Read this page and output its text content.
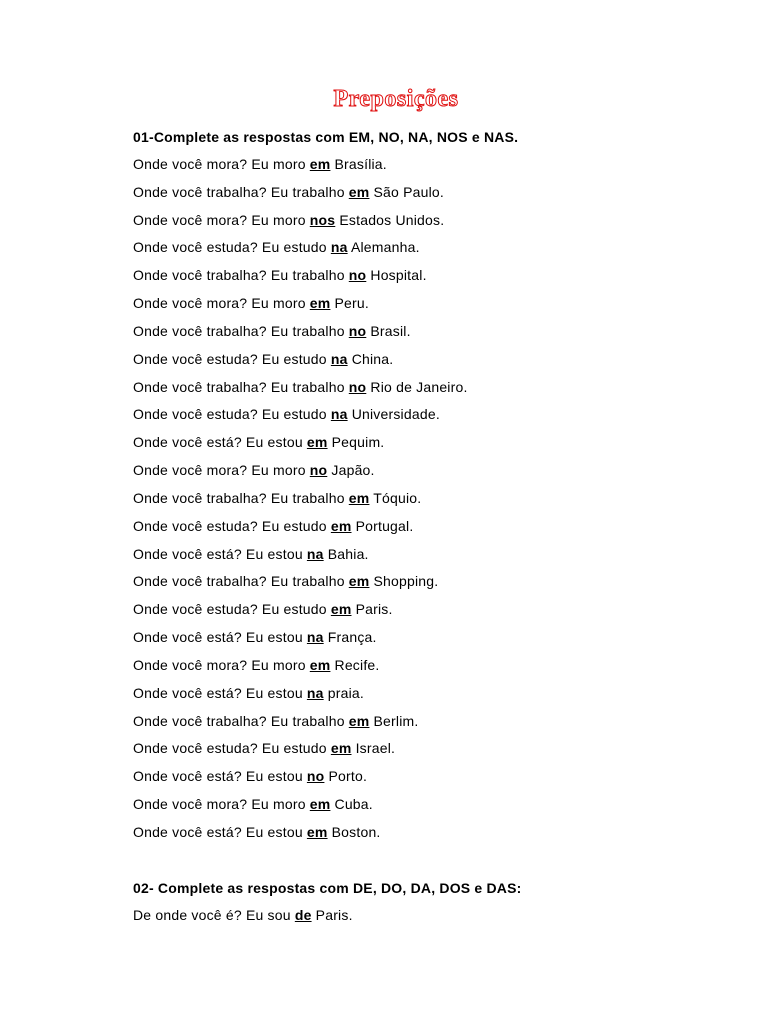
Preposições
01-Complete as respostas com EM, NO, NA, NOS e NAS.
Onde você mora? Eu moro em Brasília.
Onde você trabalha? Eu trabalho em São Paulo.
Onde você mora? Eu moro nos Estados Unidos.
Onde você estuda? Eu estudo na Alemanha.
Onde você trabalha? Eu trabalho no Hospital.
Onde você mora? Eu moro em Peru.
Onde você trabalha? Eu trabalho no Brasil.
Onde você estuda? Eu estudo na China.
Onde você trabalha? Eu trabalho no Rio de Janeiro.
Onde você estuda? Eu estudo na Universidade.
Onde você está? Eu estou em Pequim.
Onde você mora? Eu moro no Japão.
Onde você trabalha? Eu trabalho em Tóquio.
Onde você estuda? Eu estudo em Portugal.
Onde você está? Eu estou na Bahia.
Onde você trabalha? Eu trabalho em Shopping.
Onde você estuda? Eu estudo em Paris.
Onde você está? Eu estou na França.
Onde você mora? Eu moro em Recife.
Onde você está? Eu estou na praia.
Onde você trabalha? Eu trabalho em Berlim.
Onde você estuda? Eu estudo em Israel.
Onde você está? Eu estou no Porto.
Onde você mora? Eu moro em Cuba.
Onde você está? Eu estou em Boston.
02- Complete as respostas com DE, DO, DA, DOS e DAS:
De onde você é? Eu sou de Paris.
